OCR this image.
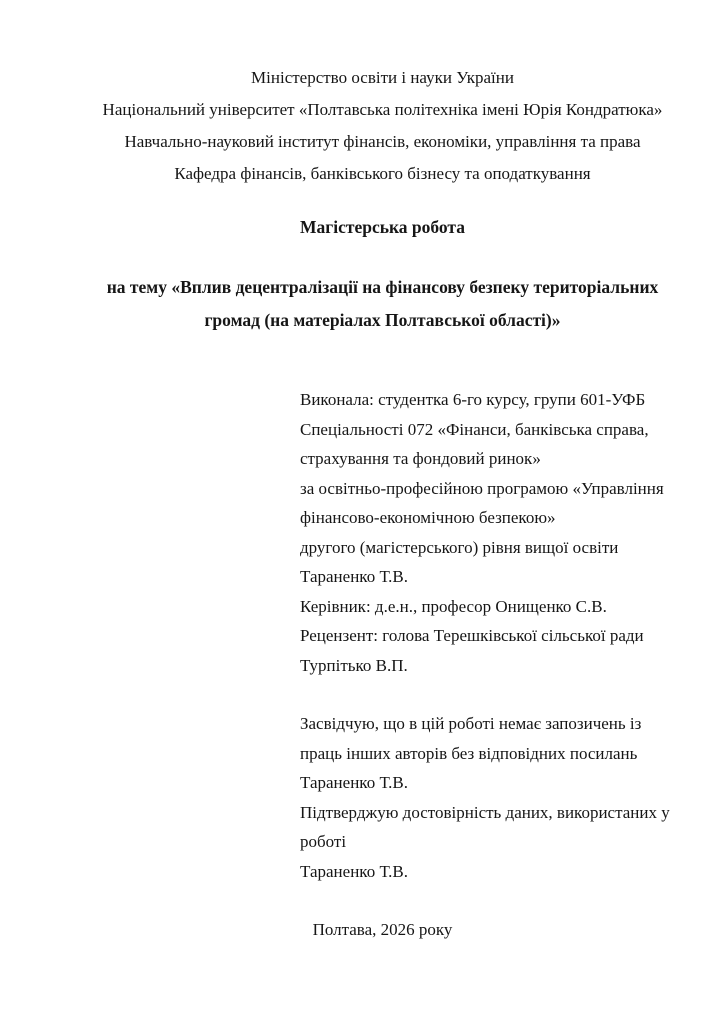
Міністерство освіти і науки України
Національний університет «Полтавська політехніка імені Юрія Кондратюка»
Навчально-науковий інститут фінансів, економіки, управління та права
Кафедра фінансів, банківського бізнесу та оподаткування
Магістерська робота
на тему «Вплив децентралізації на фінансову безпеку територіальних
громад (на матеріалах Полтавської області)»
Виконала: студентка 6-го курсу, групи 601-УФБ
Спеціальності 072 «Фінанси, банківська справа,
страхування та фондовий ринок»
за освітньо-професійною програмою «Управління
фінансово-економічною безпекою»
другого (магістерського) рівня вищої освіти
Тараненко Т.В.
Керівник: д.е.н., професор Онищенко С.В.
Рецензент: голова Терешківської сільської ради
Турпітько В.П.
Засвідчую, що в цій роботі немає запозичень із
праць інших авторів без відповідних посилань
Тараненко Т.В.
Підтверджую достовірність даних, використаних у
роботі
Тараненко Т.В.
Полтава, 2026 року
